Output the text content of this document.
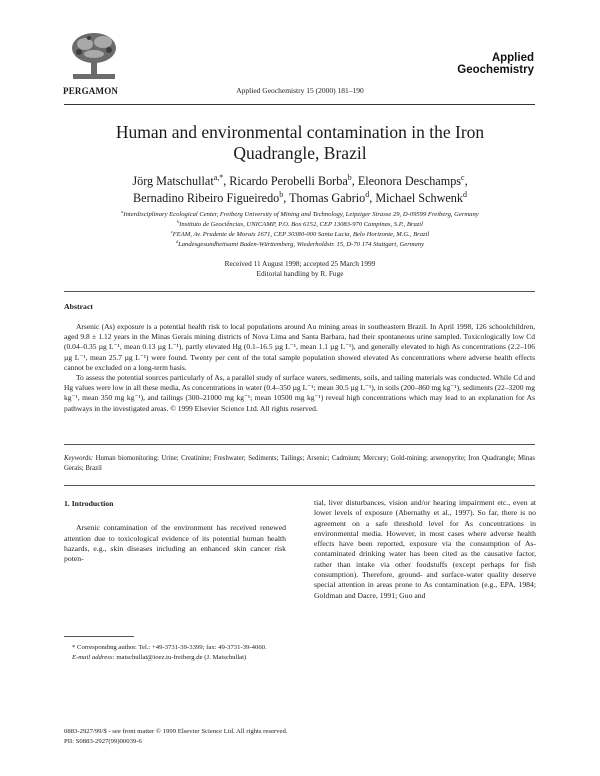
PERGAMON	Applied Geochemistry 15 (2000) 181–190
Applied
Geochemistry
Human and environmental contamination in the Iron
Quadrangle, Brazil
Jörg Matschullat$^{a,*}$, Ricardo Perobelli Borba$^b$, Eleonora Deschamps$^c$,
Bernadino Ribeiro Figueiredo$^b$, Thomas Gabrio$^d$, Michael Schwenk$^d$
$^a$Interdisciplinary Ecological Center, Freiberg University of Mining and Technology, Leipziger Strasse 29, D-09599 Freiberg, Germany
$^b$Instituto de Geociências, UNICAMP, P.O. Box 6152, CEP 13083-970 Campinas, S.P., Brazil
$^c$FEAM, Av. Prudente de Morais 1671, CEP 30380-000 Santa Lucia, Belo Horizonte, M.G., Brazil
$^d$Landesgesundheitsamt Baden-Württemberg, Wiederholdstr. 15, D-70 174 Stuttgart, Germany
Received 11 August 1998; accepted 25 March 1999
Editorial handling by R. Fuge
Abstract

Arsenic (As) exposure is a potential health risk to local populations around Au mining areas in southeastern Brazil. In April 1998, 126 schoolchildren, aged 9.8 ± 1.12 years in the Minas Gerais mining districts of Nova Lima and Santa Barbara, had their spontaneous urine sampled. Toxicologically low Cd (0.04–0.35 µg L⁻¹, mean 0.13 µg L⁻¹), partly elevated Hg (0.1–16.5 µg L⁻¹, mean 1.1 µg L⁻¹), and generally elevated to high As concentrations (2.2–106 µg L⁻¹, mean 25.7 µg L⁻¹) were found. Twenty per cent of the total sample population showed elevated As concentrations where adverse health effects cannot be excluded on a long-term basis.

To assess the potential sources particularly of As, a parallel study of surface waters, sediments, soils, and tailing materials was conducted. While Cd and Hg values were low in all these media, As concentrations in water (0.4–350 µg L⁻¹; mean 30.5 µg L⁻¹), in soils (200–860 mg kg⁻¹), sediments (22–3200 mg kg⁻¹, mean 350 mg kg⁻¹), and tailings (300–21000 mg kg⁻¹; mean 10500 mg kg⁻¹) reveal high concentrations which may lead to an explanation for As pathways in the investigated areas. © 1999 Elsevier Science Ltd. All rights reserved.

Keywords: Human biomonitoring; Urine; Creatinine; Freshwater; Sediments; Tailings; Arsenic; Cadmium; Mercury; Gold-mining; arsenopyrite; Iron Quadrangle; Minas Gerais; Brazil
1. Introduction

Arsenic contamination of the environment has received renewed attention due to toxicological evidence of its potential human health hazards, e.g., skin diseases including an enhanced skin cancer risk poten-

* Corresponding author. Tel.: +49-3731-39-3399; fax: 49-3731-39-4060.

E-mail address: matschullat@ioez.tu-freiberg.de (J. Matschullat)

tial, liver disturbances, vision and/or hearing impairment etc., even at lower levels of exposure (Abernathy et al., 1997). So far, there is no agreement on a safe threshold level for As concentrations in environmental media. However, in most cases where adverse health effects have been reported, exposure via the consumption of As-contaminated drinking water has been cited as the causative factor, rather than intake via other foodstuffs (except perhaps for fish consumption). Therefore, ground- and surface-water quality deserve special attention in areas prone to As contamination (e.g., EPA, 1984; Goldman and Dacre, 1991; Guo and
0883-2927/99/$ - see front matter © 1999 Elsevier Science Ltd. All rights reserved.
PII: S0883-2927(99)00039-6
